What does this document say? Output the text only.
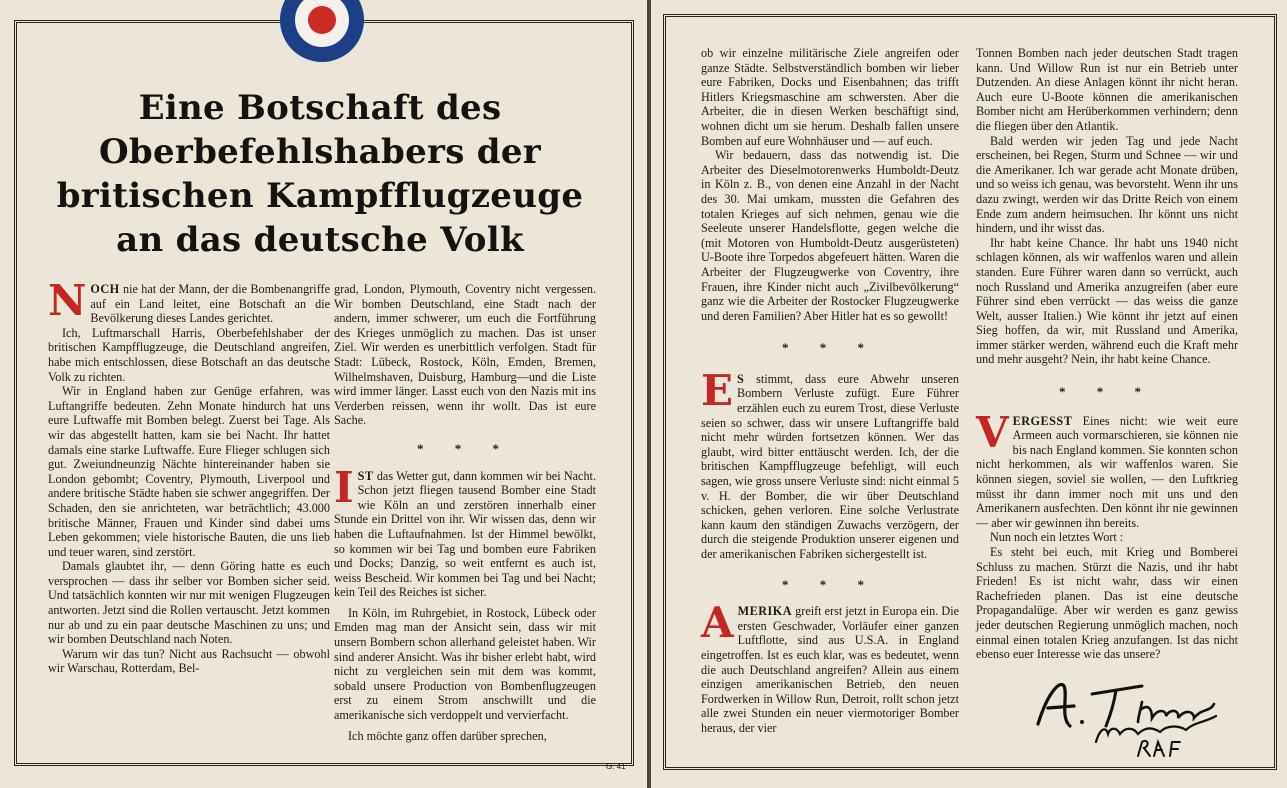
Eine Botschaft des
Oberbefehlshabers der
britischen Kampfflugzeuge
an das deutsche Volk

NOCH nie hat der Mann, der die Bombenangriffe auf ein Land leitet, eine Botschaft an die Bevölkerung dieses Landes gerichtet.

Ich, Luftmarschall Harris, Oberbefehlshaber der britischen Kampfflugzeuge, die Deutschland angreifen, habe mich entschlossen, diese Botschaft an das deutsche Volk zu richten.

Wir in England haben zur Genüge erfahren, was Luftangriffe bedeuten. Zehn Monate hindurch hat uns eure Luftwaffe mit Bomben belegt. Zuerst bei Tage. Als wir das abgestellt hatten, kam sie bei Nacht. Ihr hattet damals eine starke Luftwaffe. Eure Flieger schlugen sich gut. Zweiundneunzig Nächte hintereinander haben sie London gebombt; Coventry, Plymouth, Liverpool und andere britische Städte haben sie schwer angegriffen. Der Schaden, den sie anrichteten, war beträchtlich; 43.000 britische Männer, Frauen und Kinder sind dabei ums Leben gekommen; viele historische Bauten, die uns lieb und teuer waren, sind zerstört.

Damals glaubtet ihr, — denn Göring hatte es euch versprochen — dass ihr selber vor Bomben sicher seid. Und tatsächlich konnten wir nur mit wenigen Flugzeugen antworten. Jetzt sind die Rollen vertauscht. Jetzt kommen nur ab und zu ein paar deutsche Maschinen zu uns; und wir bomben Deutschland nach Noten.

Warum wir das tun? Nicht aus Rachsucht — obwohl wir Warschau, Rotterdam, Bel-

grad, London, Plymouth, Coventry nicht vergessen. Wir bomben Deutschland, eine Stadt nach der andern, immer schwerer, um euch die Fortführung des Krieges unmöglich zu machen. Das ist unser Ziel. Wir werden es unerbittlich verfolgen. Stadt für Stadt: Lübeck, Rostock, Köln, Emden, Bremen, Wilhelmshaven, Duisburg, Hamburg—und die Liste wird immer länger. Lasst euch von den Nazis mit ins Verderben reissen, wenn ihr wollt. Das ist eure Sache.

* * *

IST das Wetter gut, dann kommen wir bei Nacht. Schon jetzt fliegen tausend Bomber eine Stadt wie Köln an und zerstören innerhalb einer Stunde ein Drittel von ihr. Wir wissen das, denn wir haben die Luftaufnahmen. Ist der Himmel bewölkt, so kommen wir bei Tag und bomben eure Fabriken und Docks; Danzig, so weit entfernt es auch ist, weiss Bescheid. Wir kommen bei Tag und bei Nacht; kein Teil des Reiches ist sicher.

In Köln, im Ruhrgebiet, in Rostock, Lübeck oder Emden mag man der Ansicht sein, dass wir mit unsern Bombern schon allerhand geleistet haben. Wir sind anderer Ansicht. Was ihr bisher erlebt habt, wird nicht zu vergleichen sein mit dem was kommt, sobald unsere Production von Bombenflugzeugen erst zu einem Strom anschwillt und die amerikanische sich verdoppelt und vervierfacht.

Ich möchte ganz offen darüber sprechen,

G. 41

ob wir einzelne militärische Ziele angreifen oder ganze Städte. Selbstverständlich bomben wir lieber eure Fabriken, Docks und Eisenbahnen; das trifft Hitlers Kriegsmaschine am schwersten. Aber die Arbeiter, die in diesen Werken beschäftigt sind, wohnen dicht um sie herum. Deshalb fallen unsere Bomben auf eure Wohnhäuser und — auf euch.

Wir bedauern, dass das notwendig ist. Die Arbeiter des Dieselmotorenwerks Humboldt-Deutz in Köln z. B., von denen eine Anzahl in der Nacht des 30. Mai umkam, mussten die Gefahren des totalen Krieges auf sich nehmen, genau wie die Seeleute unserer Handelsflotte, gegen welche die (mit Motoren von Humboldt-Deutz ausgerüsteten) U-Boote ihre Torpedos abgefeuert hätten. Waren die Arbeiter der Flugzeugwerke von Coventry, ihre Frauen, ihre Kinder nicht auch „Zivilbevölkerung“ ganz wie die Arbeiter der Rostocker Flugzeugwerke und deren Familien? Aber Hitler hat es so gewollt!

* * *

E S stimmt, dass eure Abwehr unseren Bombern Verluste zufügt. Eure Führer erzählen euch zu eurem Trost, diese Verluste seien so schwer, dass wir unsere Luftangriffe bald nicht mehr würden fortsetzen können. Wer das glaubt, wird bitter enttäuscht werden. Ich, der die britischen Kampfflugzeuge befehligt, will euch sagen, wie gross unsere Verluste sind: nicht einmal 5 v. H. der Bomber, die wir über Deutschland schicken, gehen verloren. Eine solche Verlustrate kann kaum den ständigen Zuwachs verzögern, der durch die steigende Produktion unserer eigenen und der amerikanischen Fabriken sichergestellt ist.

* * *

AMERIKA greift erst jetzt in Europa ein. Die ersten Geschwader, Vorläufer einer ganzen Luftflotte, sind aus U.S.A. in England eingetroffen. Ist es euch klar, was es bedeutet, wenn die auch Deutschland angreifen? Allein aus einem einzigen amerikanischen Betrieb, den neuen Fordwerken in Willow Run, Detroit, rollt schon jetzt alle zwei Stunden ein neuer viermotoriger Bomber heraus, der vier

Tonnen Bomben nach jeder deutschen Stadt tragen kann. Und Willow Run ist nur ein Betrieb unter Dutzenden. An diese Anlagen könnt ihr nicht heran. Auch eure U-Boote können die amerikanischen Bomber nicht am Herüberkommen verhindern; denn die fliegen über den Atlantik.

Bald werden wir jeden Tag und jede Nacht erscheinen, bei Regen, Sturm und Schnee — wir und die Amerikaner. Ich war gerade acht Monate drüben, und so weiss ich genau, was bevorsteht. Wenn ihr uns dazu zwingt, werden wir das Dritte Reich von einem Ende zum andern heimsuchen. Ihr könnt uns nicht hindern, und ihr wisst das.

Ihr habt keine Chance. Ihr habt uns 1940 nicht schlagen können, als wir waffenlos waren und allein standen. Eure Führer waren dann so verrückt, auch noch Russland und Amerika anzugreifen (aber eure Führer sind eben verrückt — das weiss die ganze Welt, ausser Italien.) Wie könnt ihr jetzt auf einen Sieg hoffen, da wir, mit Russland und Amerika, immer stärker werden, während euch die Kraft mehr und mehr ausgeht? Nein, ihr habt keine Chance.

* * *

VERGESST Eines nicht: wie weit eure Armeen auch vormarschieren, sie können nie bis nach England kommen. Sie konnten schon nicht herkommen, als wir waffenlos waren. Sie können siegen, soviel sie wollen, — den Luftkrieg müsst ihr dann immer noch mit uns und den Amerikanern ausfechten. Den könnt ihr nie gewinnen — aber wir gewinnen ihn bereits.

Nun noch ein letztes Wort :

Es steht bei euch, mit Krieg und Bomberei Schluss zu machen. Stürzt die Nazis, und ihr habt Frieden! Es ist nicht wahr, dass wir einen Rachefrieden planen. Das ist eine deutsche Propagandalüge. Aber wir werden es ganz gewiss jeder deutschen Regierung unmöglich machen, noch einmal einen totalen Krieg anzufangen. Ist das nicht ebenso euer Interesse wie das unsere?
